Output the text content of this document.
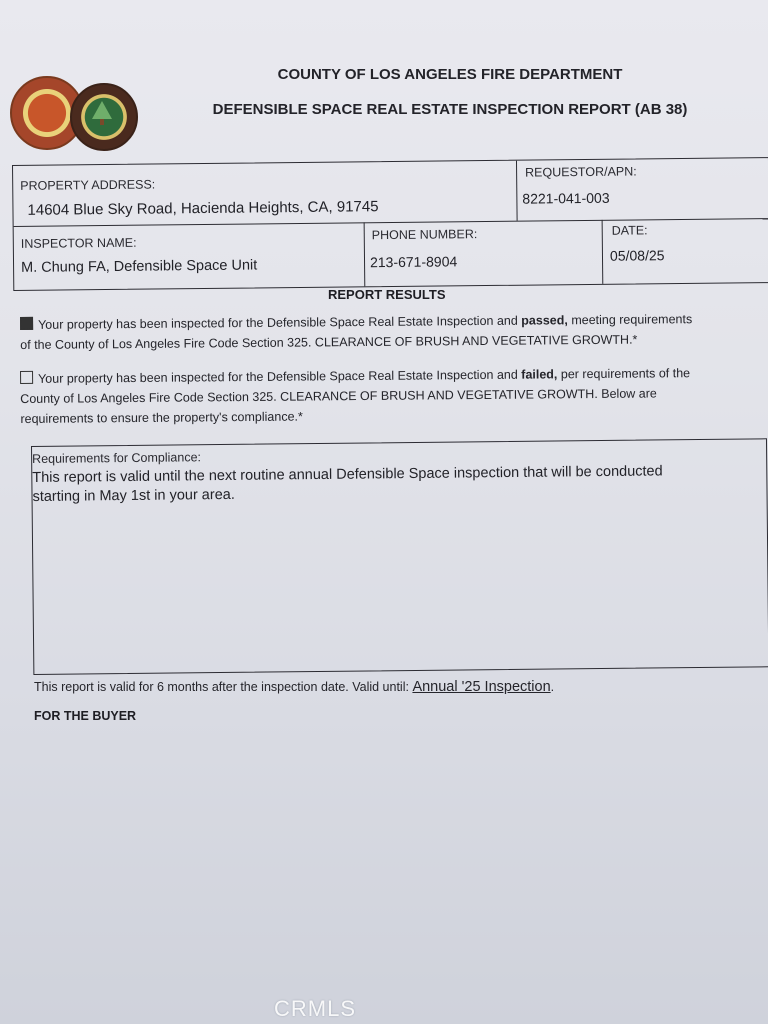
COUNTY OF LOS ANGELES FIRE DEPARTMENT
DEFENSIBLE SPACE REAL ESTATE INSPECTION REPORT (AB 38)
PROPERTY ADDRESS:
14604 Blue Sky Road, Hacienda Heights, CA, 91745
REQUESTOR/APN:
8221-041-003
INSPECTOR NAME:
M. Chung FA, Defensible Space Unit
PHONE NUMBER:
213-671-8904
DATE:
05/08/25
REPORT RESULTS
Your property has been inspected for the Defensible Space Real Estate Inspection and passed, meeting requirements
of the County of Los Angeles Fire Code Section 325. CLEARANCE OF BRUSH AND VEGETATIVE GROWTH.*
Your property has been inspected for the Defensible Space Real Estate Inspection and failed, per requirements of the
County of Los Angeles Fire Code Section 325. CLEARANCE OF BRUSH AND VEGETATIVE GROWTH. Below are
requirements to ensure the property's compliance.*
Requirements for Compliance:
This report is valid until the next routine annual Defensible Space inspection that will be conducted
starting in May 1st in your area.
This report is valid for 6 months after the inspection date. Valid until: Annual '25 Inspection.
FOR THE BUYER
CRMLS
